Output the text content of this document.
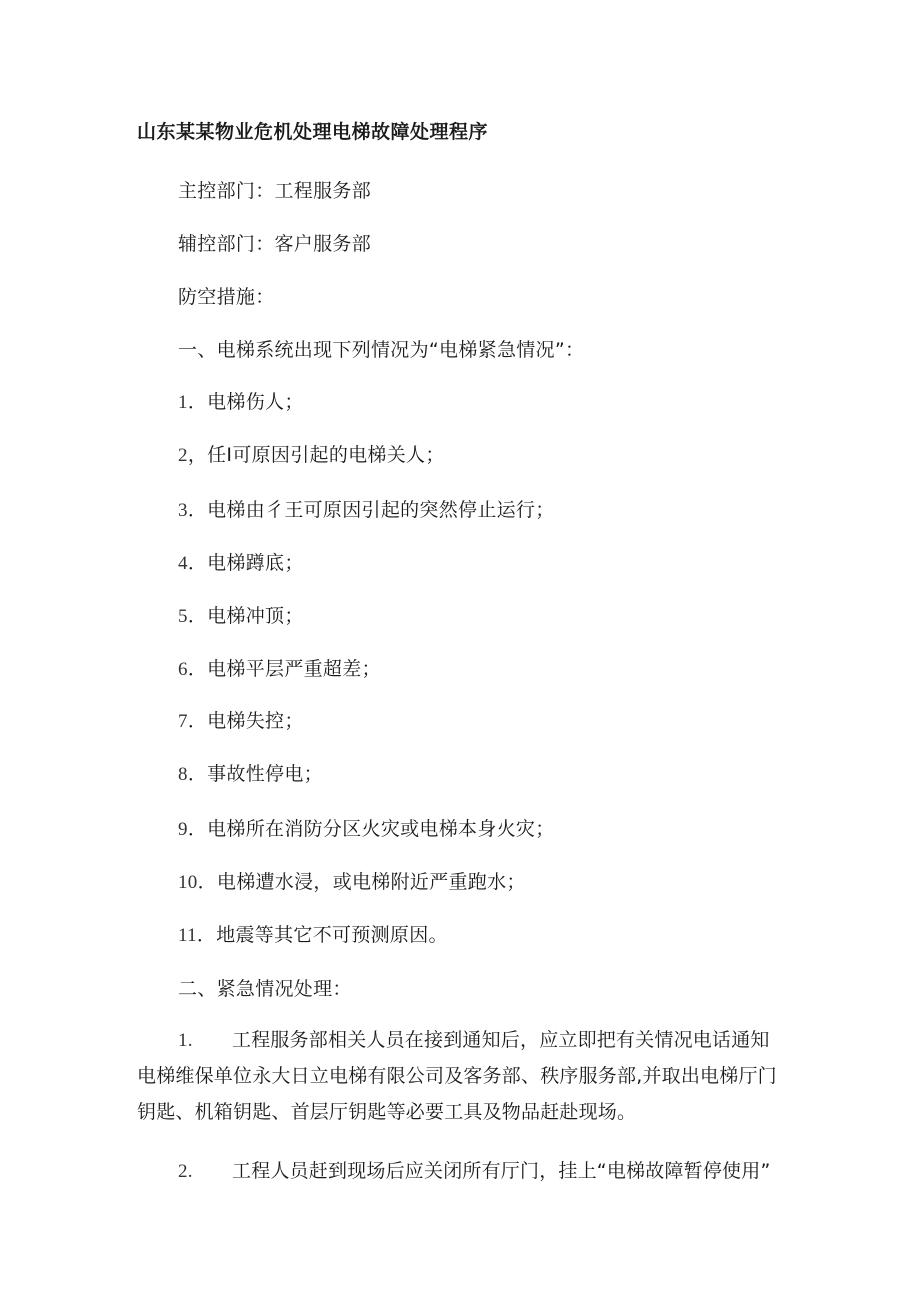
山东某某物业危机处理电梯故障处理程序
主控部门：工程服务部
辅控部门：客户服务部
防空措施：
一、电梯系统出现下列情况为“电梯紧急情况”：
1．电梯伤人；
2，任I可原因引起的电梯关人；
3．电梯由彳王可原因引起的突然停止运行；
4．电梯蹲底；
5．电梯冲顶；
6．电梯平层严重超差；
7．电梯失控；
8．事故性停电；
9．电梯所在消防分区火灾或电梯本身火灾；
10．电梯遭水浸，或电梯附近严重跑水；
11．地震等其它不可预测原因。
二、紧急情况处理：
1. 工程服务部相关人员在接到通知后，应立即把有关情况电话通知
电梯维保单位永大日立电梯有限公司及客务部、秩序服务部,并取出电梯厅门
钥匙、机箱钥匙、首层厅钥匙等必要工具及物品赶赴现场。
2. 工程人员赶到现场后应关闭所有厅门，挂上“电梯故障暂停使用”
